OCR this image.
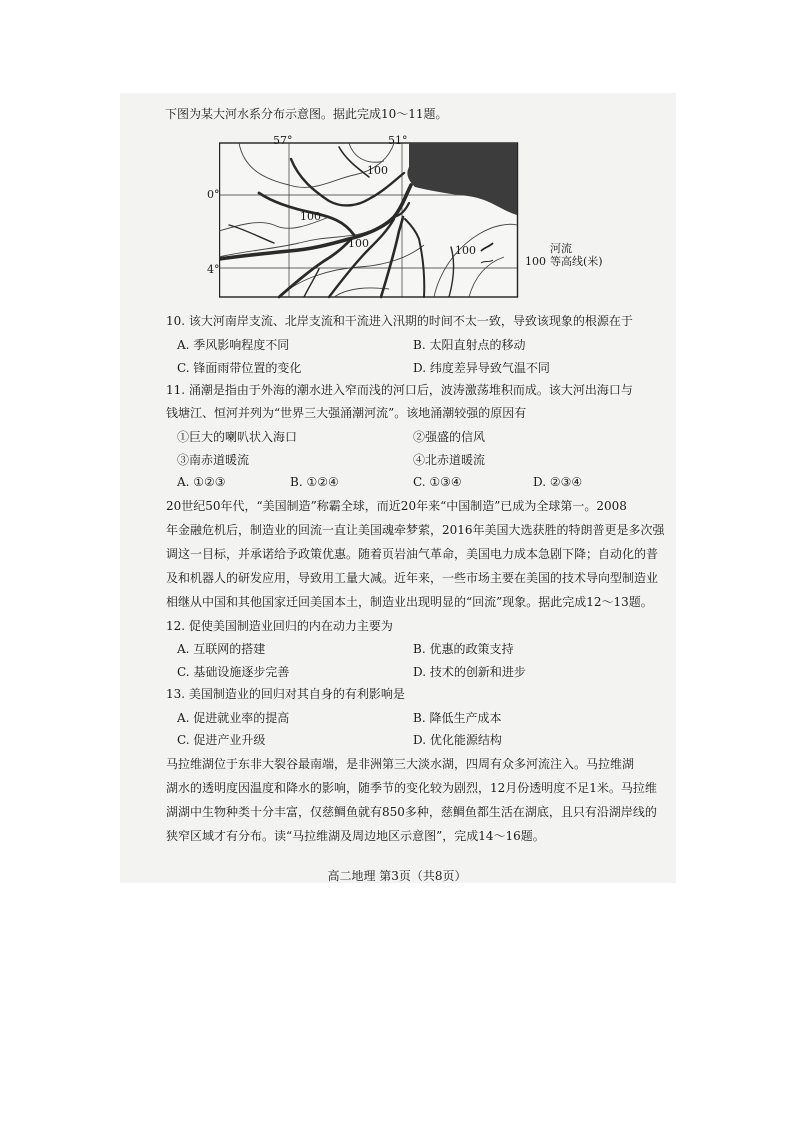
下图为某大河水系分布示意图。据此完成10～11题。
57°	51°
0°
4°
100
100
100
100	河流
100 等高线(米)
10. 该大河南岸支流、北岸支流和干流进入汛期的时间不太一致，导致该现象的根源在于
A. 季风影响程度不同	B. 太阳直射点的移动
C. 锋面雨带位置的变化	D. 纬度差异导致气温不同
11. 涌潮是指由于外海的潮水进入窄而浅的河口后，波涛激荡堆积而成。该大河出海口与
钱塘江、恒河并列为“世界三大强涌潮河流”。该地涌潮较强的原因有
①巨大的喇叭状入海口	②强盛的信风
③南赤道暖流	④北赤道暖流
A. ①②③	B. ①②④	C. ①③④	D. ②③④
20世纪50年代，“美国制造”称霸全球，而近20年来“中国制造”已成为全球第一。2008
年金融危机后，制造业的回流一直让美国魂牵梦萦，2016年美国大选获胜的特朗普更是多次强
调这一目标，并承诺给予政策优惠。随着页岩油气革命，美国电力成本急剧下降；自动化的普
及和机器人的研发应用，导致用工量大减。近年来，一些市场主要在美国的技术导向型制造业
相继从中国和其他国家迁回美国本土，制造业出现明显的“回流”现象。据此完成12～13题。
12. 促使美国制造业回归的内在动力主要为
A. 互联网的搭建	B. 优惠的政策支持
C. 基础设施逐步完善	D. 技术的创新和进步
13. 美国制造业的回归对其自身的有利影响是
A. 促进就业率的提高	B. 降低生产成本
C. 促进产业升级	D. 优化能源结构
马拉维湖位于东非大裂谷最南端，是非洲第三大淡水湖，四周有众多河流注入。马拉维湖
湖水的透明度因温度和降水的影响，随季节的变化较为剧烈，12月份透明度不足1米。马拉维
湖湖中生物种类十分丰富，仅慈鲷鱼就有850多种，慈鲷鱼都生活在湖底，且只有沿湖岸线的
狭窄区域才有分布。读“马拉维湖及周边地区示意图”，完成14～16题。
高二地理 第3页（共8页）
